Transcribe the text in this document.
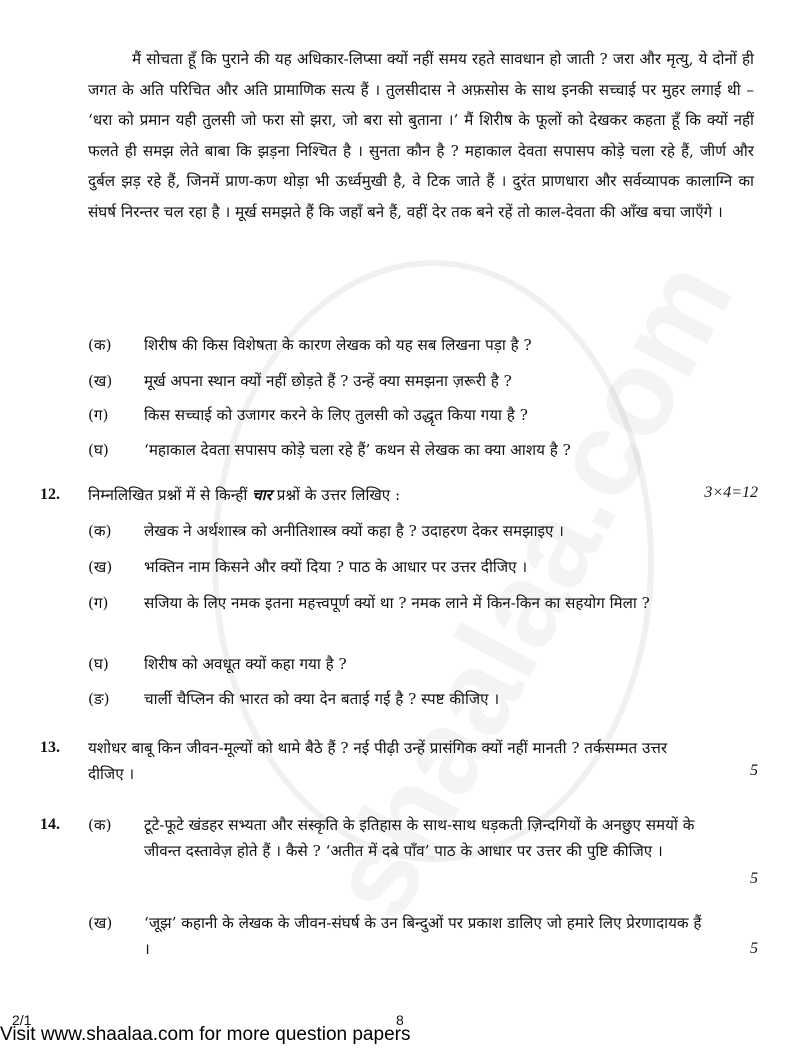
मैं सोचता हूँ कि पुराने की यह अधिकार-लिप्सा क्यों नहीं समय रहते सावधान हो जाती ? जरा और मृत्यु, ये दोनों ही जगत के अति परिचित और अति प्रामाणिक सत्य हैं । तुलसीदास ने अफ़सोस के साथ इनकी सच्चाई पर मुहर लगाई थी – ‘धरा को प्रमान यही तुलसी जो फरा सो झरा, जो बरा सो बुताना ।’ मैं शिरीष के फूलों को देखकर कहता हूँ कि क्यों नहीं फलते ही समझ लेते बाबा कि झड़ना निश्चित है । सुनता कौन है ? महाकाल देवता सपासप कोड़े चला रहे हैं, जीर्ण और दुर्बल झड़ रहे हैं, जिनमें प्राण-कण थोड़ा भी ऊर्ध्वमुखी है, वे टिक जाते हैं । दुरंत प्राणधारा और सर्वव्यापक कालाग्नि का संघर्ष निरन्तर चल रहा है । मूर्ख समझते हैं कि जहाँ बने हैं, वहीं देर तक बने रहें तो काल-देवता की आँख बचा जाएँगे ।

(क)	शिरीष की किस विशेषता के कारण लेखक को यह सब लिखना पड़ा है ?
(ख)	मूर्ख अपना स्थान क्यों नहीं छोड़ते हैं ? उन्हें क्या समझना ज़रूरी है ?
(ग)	किस सच्चाई को उजागर करने के लिए तुलसी को उद्धृत किया गया है ?
(घ)	‘महाकाल देवता सपासप कोड़े चला रहे हैं’ कथन से लेखक का क्या आशय है ?
12. निम्नलिखित प्रश्नों में से किन्हीं चार प्रश्नों के उत्तर लिखिए :	3×4=12
(क)	लेखक ने अर्थशास्त्र को अनीतिशास्त्र क्यों कहा है ? उदाहरण देकर समझाइए ।
(ख)	भक्तिन नाम किसने और क्यों दिया ? पाठ के आधार पर उत्तर दीजिए ।
(ग)	सजिया के लिए नमक इतना महत्त्वपूर्ण क्यों था ? नमक लाने में किन-किन का सहयोग मिला ?
(घ)	शिरीष को अवधूत क्यों कहा गया है ?
(ङ)	चार्ली चैप्लिन की भारत को क्या देन बताई गई है ? स्पष्ट कीजिए ।
13. यशोधर बाबू किन जीवन-मूल्यों को थामे बैठे हैं ? नई पीढ़ी उन्हें प्रासंगिक क्यों नहीं मानती ? तर्कसम्मत उत्तर दीजिए ।	5
14. (क)	टूटे-फूटे खंडहर सभ्यता और संस्कृति के इतिहास के साथ-साथ धड़कती ज़िन्दगियों के अनछुए समयों के जीवन्त दस्तावेज़ होते हैं । कैसे ? ‘अतीत में दबे पाँव’ पाठ के आधार पर उत्तर की पुष्टि कीजिए ।
5
(ख)	‘जूझ’ कहानी के लेखक के जीवन-संघर्ष के उन बिन्दुओं पर प्रकाश डालिए जो हमारे लिए प्रेरणादायक हैं ।	5
2/1	8
Visit www.shaalaa.com for more question papers
